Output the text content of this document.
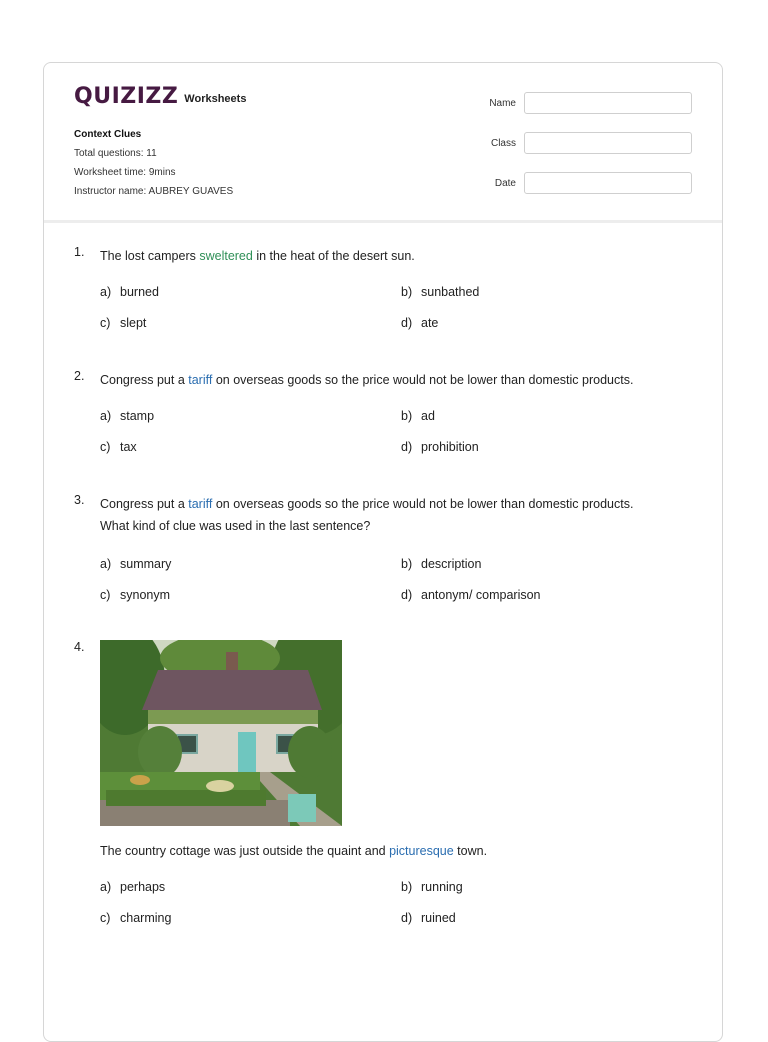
QUIZIZZ Worksheets
Context Clues
Total questions: 11
Worksheet time: 9mins
Instructor name: AUBREY GUAVES
Name
Class
Date
1. The lost campers sweltered in the heat of the desert sun.
a) burned	b) sunbathed
c) slept	d) ate
2. Congress put a tariff on overseas goods so the price would not be lower than domestic products.
a) stamp	b) ad
c) tax	d) prohibition
3. Congress put a tariff on overseas goods so the price would not be lower than domestic products.
What kind of clue was used in the last sentence?
a) summary	b) description
c) synonym	d) antonym/ comparison
4.
The country cottage was just outside the quaint and picturesque town.
a) perhaps	b) running
c) charming	d) ruined
